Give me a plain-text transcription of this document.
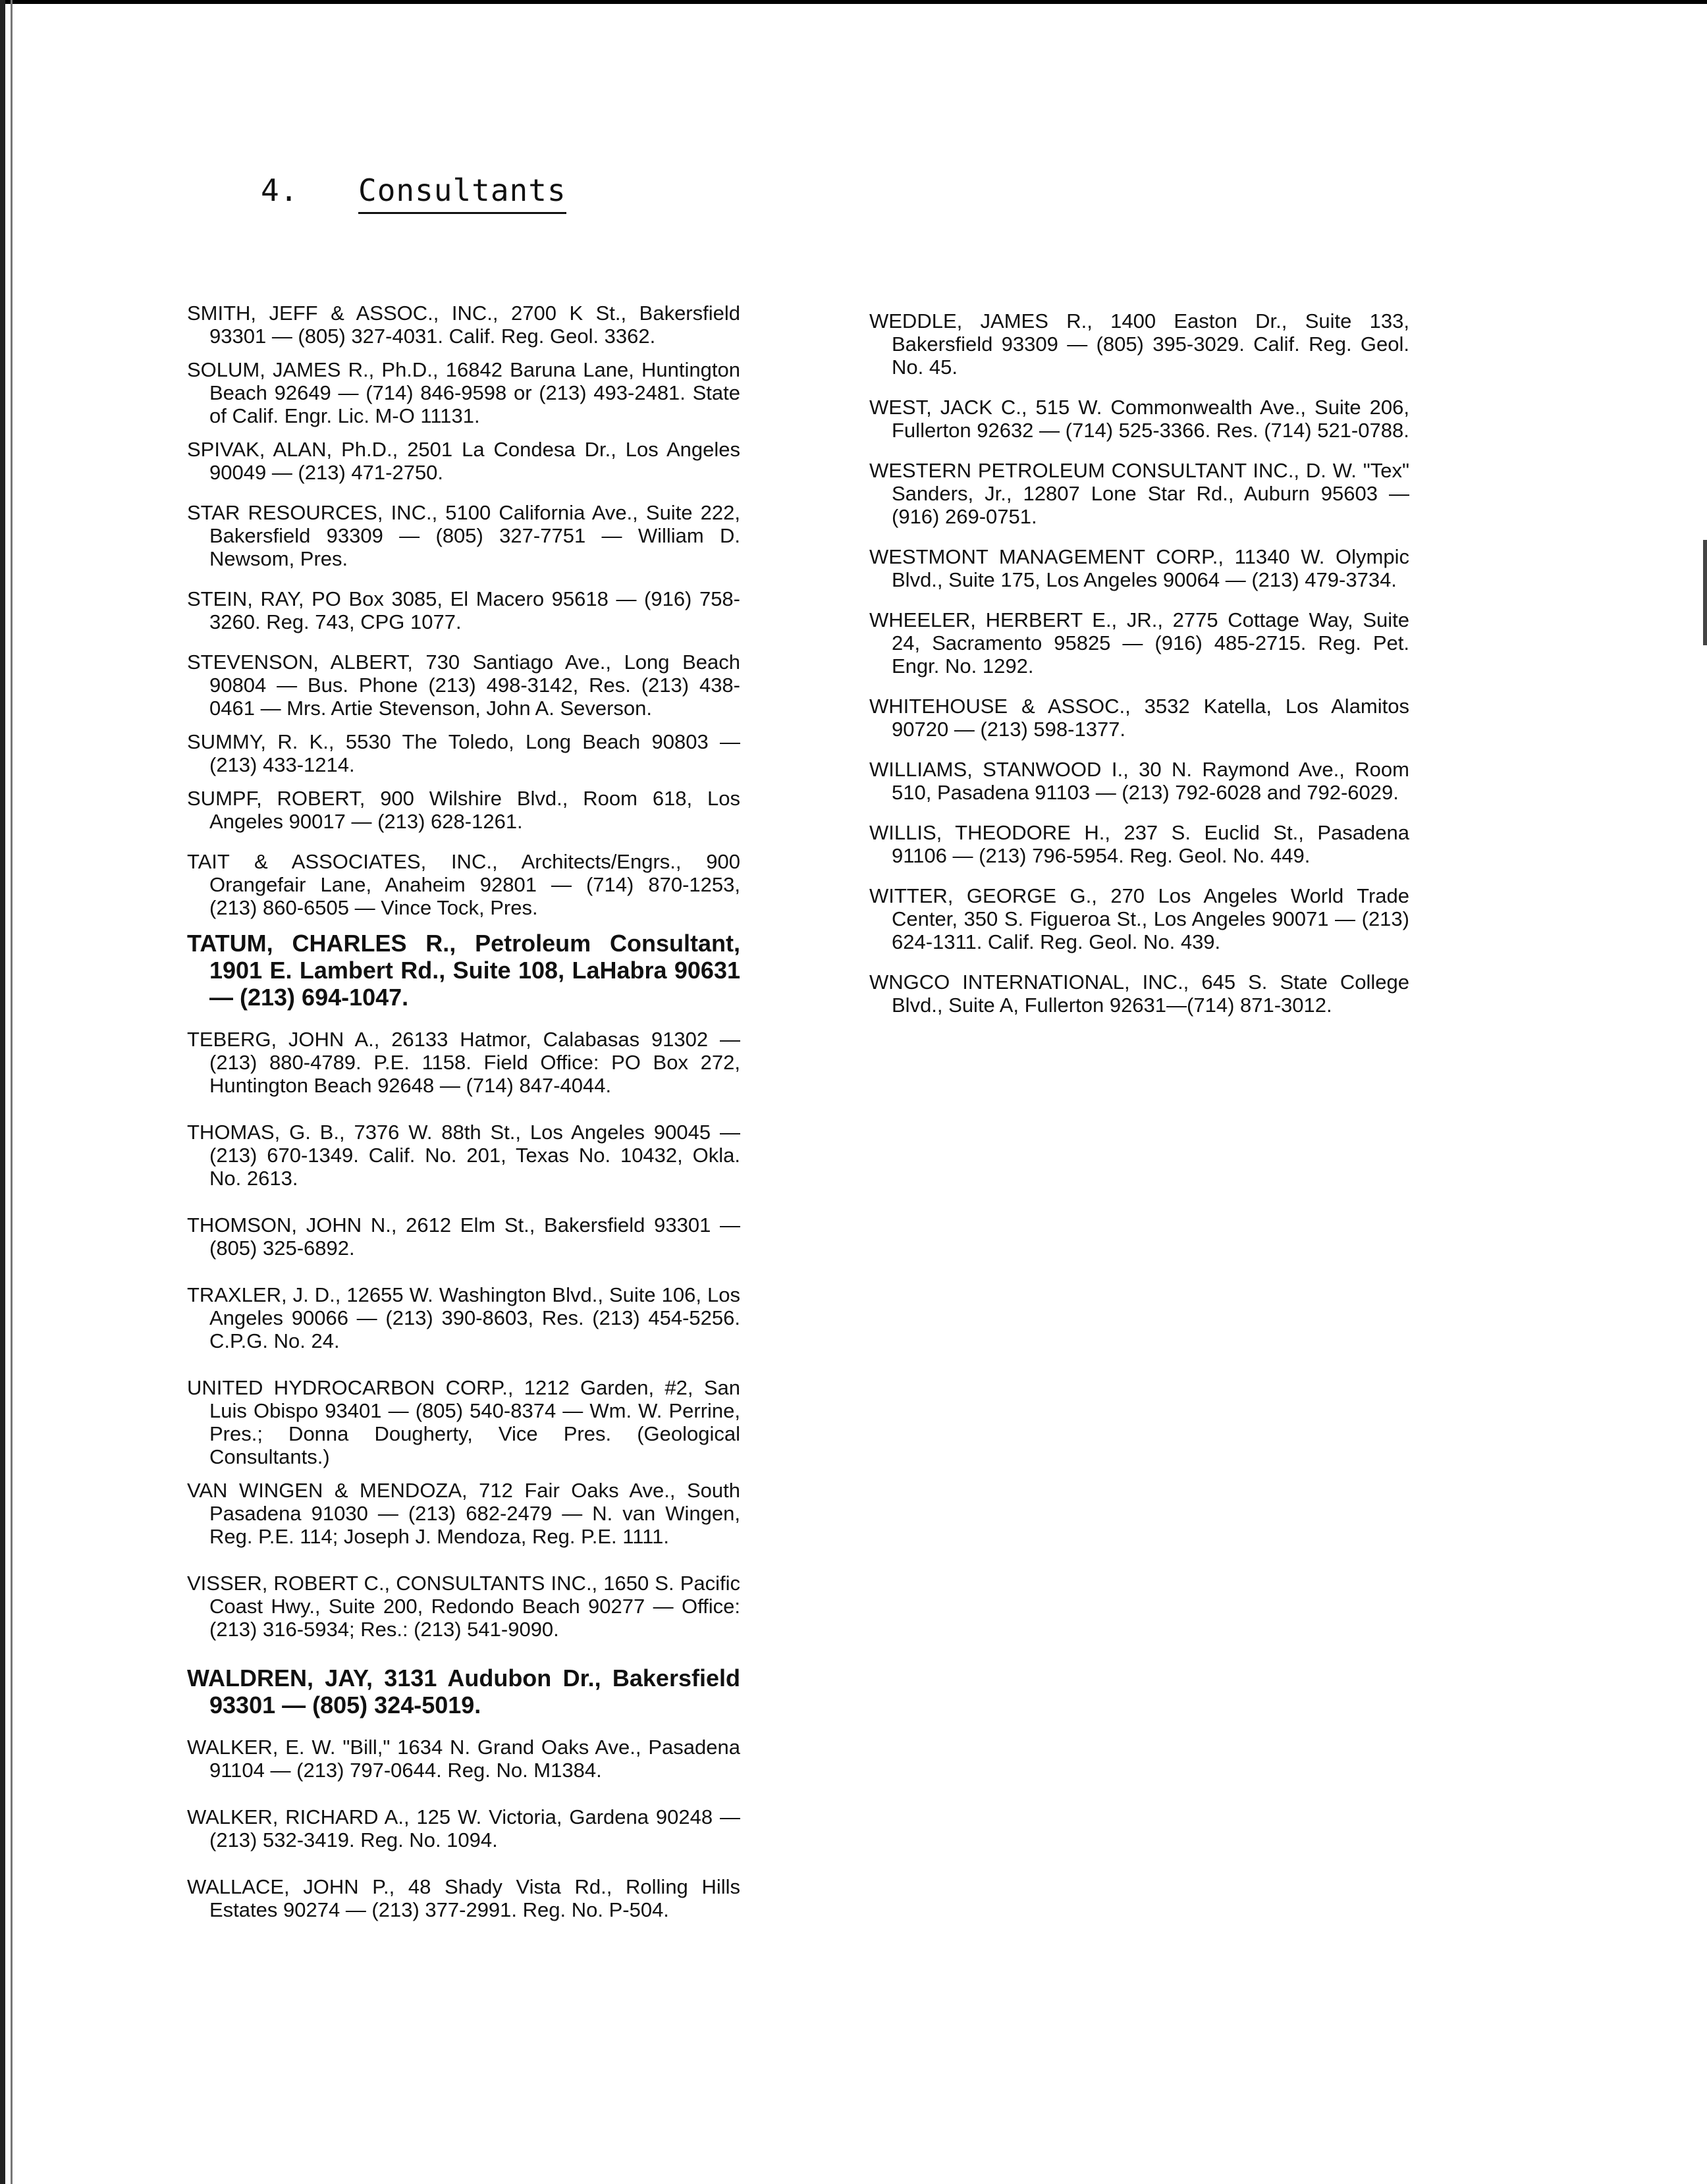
4. Consultants
SMITH, JEFF & ASSOC., INC., 2700 K St., Bakersfield 93301 — (805) 327-4031. Calif. Reg. Geol. 3362.
SOLUM, JAMES R., Ph.D., 16842 Baruna Lane, Huntington Beach 92649 — (714) 846-9598 or (213) 493-2481. State of Calif. Engr. Lic. M-O 11131.
SPIVAK, ALAN, Ph.D., 2501 La Condesa Dr., Los Angeles 90049 — (213) 471-2750.
STAR RESOURCES, INC., 5100 California Ave., Suite 222, Bakersfield 93309 — (805) 327-7751 — William D. Newsom, Pres.
STEIN, RAY, PO Box 3085, El Macero 95618 — (916) 758-3260. Reg. 743, CPG 1077.
STEVENSON, ALBERT, 730 Santiago Ave., Long Beach 90804 — Bus. Phone (213) 498-3142, Res. (213) 438-0461 — Mrs. Artie Stevenson, John A. Severson.
SUMMY, R. K., 5530 The Toledo, Long Beach 90803 — (213) 433-1214.
SUMPF, ROBERT, 900 Wilshire Blvd., Room 618, Los Angeles 90017 — (213) 628-1261.
TAIT & ASSOCIATES, INC., Architects/Engrs., 900 Orangefair Lane, Anaheim 92801 — (714) 870-1253, (213) 860-6505 — Vince Tock, Pres.
TATUM, CHARLES R., Petroleum Consultant, 1901 E. Lambert Rd., Suite 108, LaHabra 90631 — (213) 694-1047.
TEBERG, JOHN A., 26133 Hatmor, Calabasas 91302 — (213) 880-4789. P.E. 1158. Field Office: PO Box 272, Huntington Beach 92648 — (714) 847-4044.
THOMAS, G. B., 7376 W. 88th St., Los Angeles 90045 — (213) 670-1349. Calif. No. 201, Texas No. 10432, Okla. No. 2613.
THOMSON, JOHN N., 2612 Elm St., Bakersfield 93301 — (805) 325-6892.
TRAXLER, J. D., 12655 W. Washington Blvd., Suite 106, Los Angeles 90066 — (213) 390-8603, Res. (213) 454-5256. C.P.G. No. 24.
UNITED HYDROCARBON CORP., 1212 Garden, #2, San Luis Obispo 93401 — (805) 540-8374 — Wm. W. Perrine, Pres.; Donna Dougherty, Vice Pres. (Geological Consultants.)
VAN WINGEN & MENDOZA, 712 Fair Oaks Ave., South Pasadena 91030 — (213) 682-2479 — N. van Wingen, Reg. P.E. 114; Joseph J. Mendoza, Reg. P.E. 1111.
VISSER, ROBERT C., CONSULTANTS INC., 1650 S. Pacific Coast Hwy., Suite 200, Redondo Beach 90277 — Office: (213) 316-5934; Res.: (213) 541-9090.
WALDREN, JAY, 3131 Audubon Dr., Bakersfield 93301 — (805) 324-5019.
WALKER, E. W. "Bill," 1634 N. Grand Oaks Ave., Pasadena 91104 — (213) 797-0644. Reg. No. M1384.
WALKER, RICHARD A., 125 W. Victoria, Gardena 90248 — (213) 532-3419. Reg. No. 1094.
WALLACE, JOHN P., 48 Shady Vista Rd., Rolling Hills Estates 90274 — (213) 377-2991. Reg. No. P-504.
WEDDLE, JAMES R., 1400 Easton Dr., Suite 133, Bakersfield 93309 — (805) 395-3029. Calif. Reg. Geol. No. 45.
WEST, JACK C., 515 W. Commonwealth Ave., Suite 206, Fullerton 92632 — (714) 525-3366. Res. (714) 521-0788.
WESTERN PETROLEUM CONSULTANT INC., D. W. "Tex" Sanders, Jr., 12807 Lone Star Rd., Auburn 95603 — (916) 269-0751.
WESTMONT MANAGEMENT CORP., 11340 W. Olympic Blvd., Suite 175, Los Angeles 90064 — (213) 479-3734.
WHEELER, HERBERT E., JR., 2775 Cottage Way, Suite 24, Sacramento 95825 — (916) 485-2715. Reg. Pet. Engr. No. 1292.
WHITEHOUSE & ASSOC., 3532 Katella, Los Alamitos 90720 — (213) 598-1377.
WILLIAMS, STANWOOD I., 30 N. Raymond Ave., Room 510, Pasadena 91103 — (213) 792-6028 and 792-6029.
WILLIS, THEODORE H., 237 S. Euclid St., Pasadena 91106 — (213) 796-5954. Reg. Geol. No. 449.
WITTER, GEORGE G., 270 Los Angeles World Trade Center, 350 S. Figueroa St., Los Angeles 90071 — (213) 624-1311. Calif. Reg. Geol. No. 439.
WNGCO INTERNATIONAL, INC., 645 S. State College Blvd., Suite A, Fullerton 92631—(714) 871-3012.
